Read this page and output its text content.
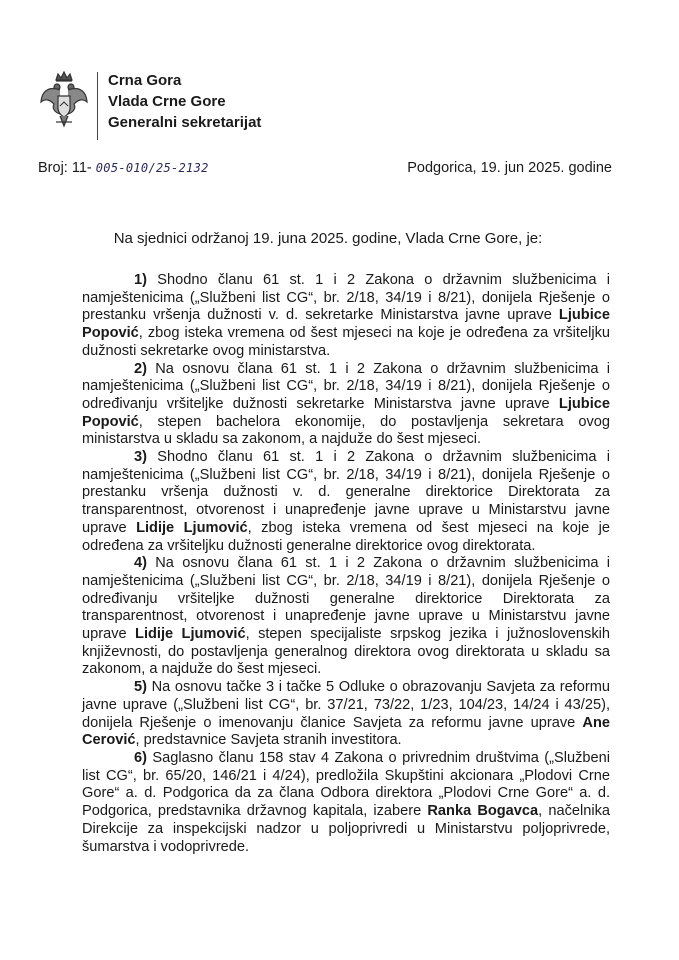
Crna Gora
Vlada Crne Gore
Generalni sekretarijat
Broj: 11- 005-010/25-2132	Podgorica, 19. jun 2025. godine
Na sjednici održanoj 19. juna 2025. godine, Vlada Crne Gore, je:

1) Shodno članu 61 st. 1 i 2 Zakona o državnim službenicima i namještenicima („Službeni list CG“, br. 2/18, 34/19 i 8/21), donijela Rješenje o prestanku vršenja dužnosti v. d. sekretarke Ministarstva javne uprave Ljubice Popović, zbog isteka vremena od šest mjeseci na koje je određena za vršiteljku dužnosti sekretarke ovog ministarstva.

2) Na osnovu člana 61 st. 1 i 2 Zakona o državnim službenicima i namještenicima („Službeni list CG“, br. 2/18, 34/19 i 8/21), donijela Rješenje o određivanju vršiteljke dužnosti sekretarke Ministarstva javne uprave Ljubice Popović, stepen bachelora ekonomije, do postavljenja sekretara ovog ministarstva u skladu sa zakonom, a najduže do šest mjeseci.

3) Shodno članu 61 st. 1 i 2 Zakona o državnim službenicima i namještenicima („Službeni list CG“, br. 2/18, 34/19 i 8/21), donijela Rješenje o prestanku vršenja dužnosti v. d. generalne direktorice Direktorata za transparentnost, otvorenost i unapređenje javne uprave u Ministarstvu javne uprave Lidije Ljumović, zbog isteka vremena od šest mjeseci na koje je određena za vršiteljku dužnosti generalne direktorice ovog direktorata.

4) Na osnovu člana 61 st. 1 i 2 Zakona o državnim službenicima i namještenicima („Službeni list CG“, br. 2/18, 34/19 i 8/21), donijela Rješenje o određivanju vršiteljke dužnosti generalne direktorice Direktorata za transparentnost, otvorenost i unapređenje javne uprave u Ministarstvu javne uprave Lidije Ljumović, stepen specijaliste srpskog jezika i južnoslovenskih književnosti, do postavljenja generalnog direktora ovog direktorata u skladu sa zakonom, a najduže do šest mjeseci.

5) Na osnovu tačke 3 i tačke 5 Odluke o obrazovanju Savjeta za reformu javne uprave („Službeni list CG“, br. 37/21, 73/22, 1/23, 104/23, 14/24 i 43/25), donijela Rješenje o imenovanju članice Savjeta za reformu javne uprave Ane Cerović, predstavnice Savjeta stranih investitora.

6) Saglasno članu 158 stav 4 Zakona o privrednim društvima („Službeni list CG“, br. 65/20, 146/21 i 4/24), predložila Skupštini akcionara „Plodovi Crne Gore“ a. d. Podgorica da za člana Odbora direktora „Plodovi Crne Gore“ a. d. Podgorica, predstavnika državnog kapitala, izabere Ranka Bogavca, načelnika Direkcije za inspekcijski nadzor u poljoprivredi u Ministarstvu poljoprivrede, šumarstva i vodoprivrede.
